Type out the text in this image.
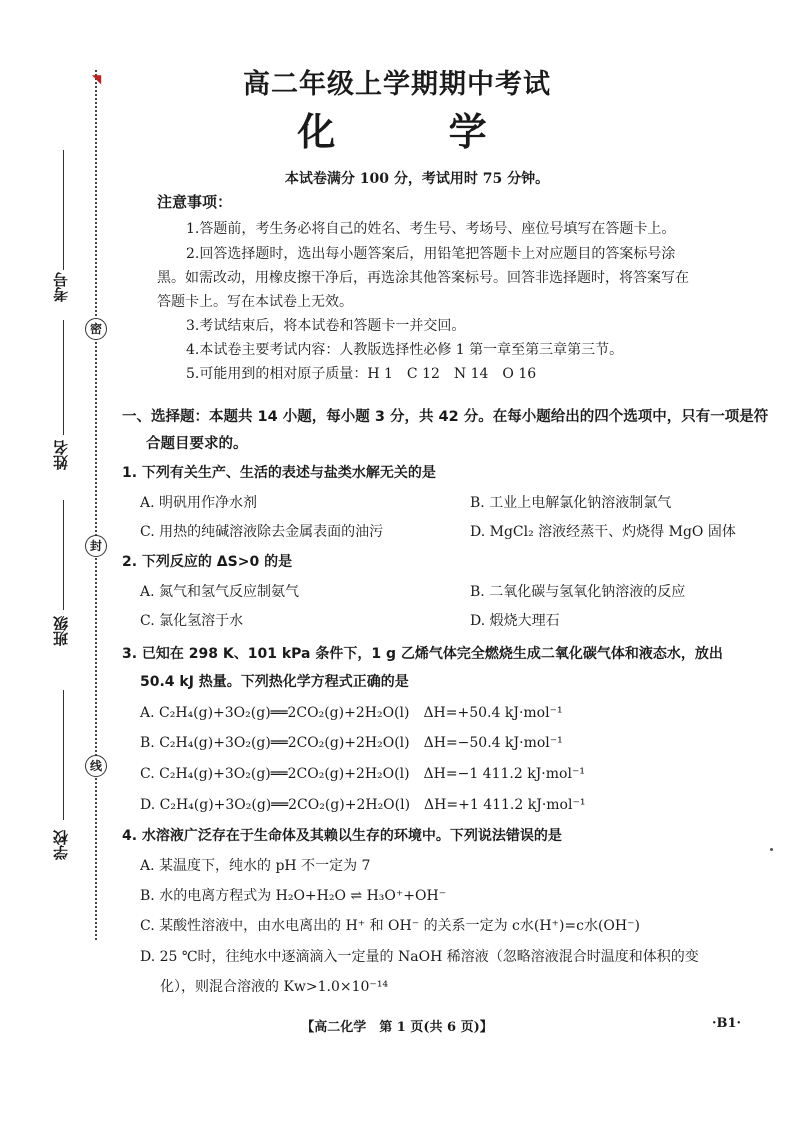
◥
考号
密
姓名
封
班级
线
学校
高二年级上学期期中考试
化 学
本试卷满分 100 分，考试用时 75 分钟。
注意事项：
1.答题前，考生务必将自己的姓名、考生号、考场号、座位号填写在答题卡上。
2.回答选择题时，选出每小题答案后，用铅笔把答题卡上对应题目的答案标号涂
黑。如需改动，用橡皮擦干净后，再选涂其他答案标号。回答非选择题时，将答案写在
答题卡上。写在本试卷上无效。
3.考试结束后，将本试卷和答题卡一并交回。
4.本试卷主要考试内容：人教版选择性必修 1 第一章至第三章第三节。
5.可能用到的相对原子质量：H 1　C 12　N 14　O 16
一、选择题：本题共 14 小题，每小题 3 分，共 42 分。在每小题给出的四个选项中，只有一项是符
合题目要求的。
1. 下列有关生产、生活的表述与盐类水解无关的是
A. 明矾用作净水剂	B. 工业上电解氯化钠溶液制氯气
C. 用热的纯碱溶液除去金属表面的油污	D. MgCl₂ 溶液经蒸干、灼烧得 MgO 固体
2. 下列反应的 ΔS>0 的是
A. 氮气和氢气反应制氨气	B. 二氧化碳与氢氧化钠溶液的反应
C. 氯化氢溶于水	D. 煅烧大理石
3. 已知在 298 K、101 kPa 条件下，1 g 乙烯气体完全燃烧生成二氧化碳气体和液态水，放出
50.4 kJ 热量。下列热化学方程式正确的是
A. C₂H₄(g)+3O₂(g)══2CO₂(g)+2H₂O(l)　ΔH=+50.4 kJ·mol⁻¹
B. C₂H₄(g)+3O₂(g)══2CO₂(g)+2H₂O(l)　ΔH=−50.4 kJ·mol⁻¹
C. C₂H₄(g)+3O₂(g)══2CO₂(g)+2H₂O(l)　ΔH=−1 411.2 kJ·mol⁻¹
D. C₂H₄(g)+3O₂(g)══2CO₂(g)+2H₂O(l)　ΔH=+1 411.2 kJ·mol⁻¹
4. 水溶液广泛存在于生命体及其赖以生存的环境中。下列说法错误的是
A. 某温度下，纯水的 pH 不一定为 7
B. 水的电离方程式为 H₂O+H₂O ⇌ H₃O⁺+OH⁻
C. 某酸性溶液中，由水电离出的 H⁺ 和 OH⁻ 的关系一定为 c水(H⁺)=c水(OH⁻)
D. 25 ℃时，往纯水中逐滴滴入一定量的 NaOH 稀溶液（忽略溶液混合时温度和体积的变
化），则混合溶液的 Kw>1.0×10⁻¹⁴
【高二化学　第 1 页(共 6 页)】	·B1·
